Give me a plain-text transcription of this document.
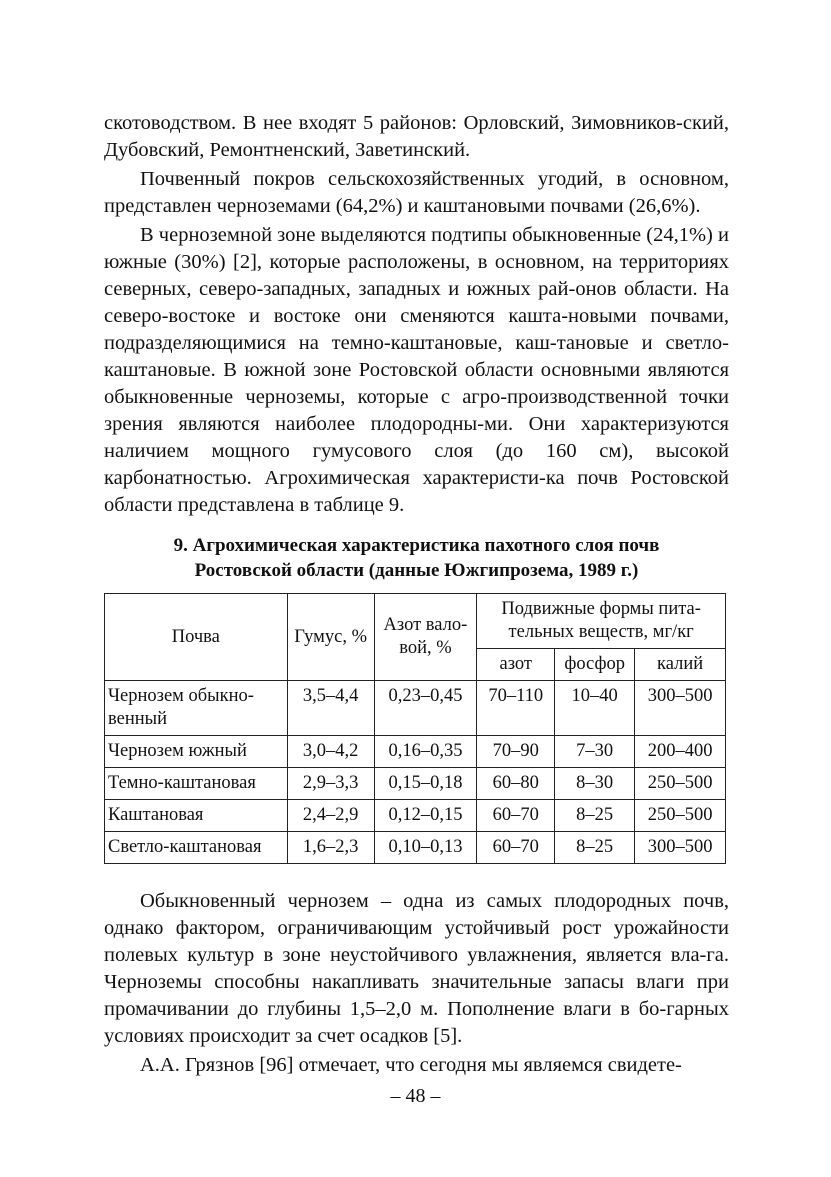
скотоводством. В нее входят 5 районов: Орловский, Зимовников-ский, Дубовский, Ремонтненский, Заветинский.

Почвенный покров сельскохозяйственных угодий, в основном, представлен черноземами (64,2%) и каштановыми почвами (26,6%).

В черноземной зоне выделяются подтипы обыкновенные (24,1%) и южные (30%) [2], которые расположены, в основном, на территориях северных, северо-западных, западных и южных рай-онов области. На северо-востоке и востоке они сменяются кашта-новыми почвами, подразделяющимися на темно-каштановые, каш-тановые и светло-каштановые. В южной зоне Ростовской области основными являются обыкновенные черноземы, которые с агро-производственной точки зрения являются наиболее плодородны-ми. Они характеризуются наличием мощного гумусового слоя (до 160 см), высокой карбонатностью. Агрохимическая характеристи-ка почв Ростовской области представлена в таблице 9.

9. Агрохимическая характеристика пахотного слоя почв
Ростовской области (данные Южгипрозема, 1989 г.)
Почва	Гумус, %	Азот вало-вой, %	Подвижные формы пита-тельных веществ, мг/кг		
			азот	фосфор	калий
Чернозем обыкно-венный	3,5–4,4	0,23–0,45	70–110	10–40	300–500
Чернозем южный	3,0–4,2	0,16–0,35	70–90	7–30	200–400
Темно-каштановая	2,9–3,3	0,15–0,18	60–80	8–30	250–500
Каштановая	2,4–2,9	0,12–0,15	60–70	8–25	250–500
Светло-каштановая	1,6–2,3	0,10–0,13	60–70	8–25	300–500

Обыкновенный чернозем – одна из самых плодородных почв, однако фактором, ограничивающим устойчивый рост урожайности полевых культур в зоне неустойчивого увлажнения, является вла-га. Черноземы способны накапливать значительные запасы влаги при промачивании до глубины 1,5–2,0 м. Пополнение влаги в бо-гарных условиях происходит за счет осадков [5].

А.А. Грязнов [96] отмечает, что сегодня мы являемся свидете-

– 48 –
